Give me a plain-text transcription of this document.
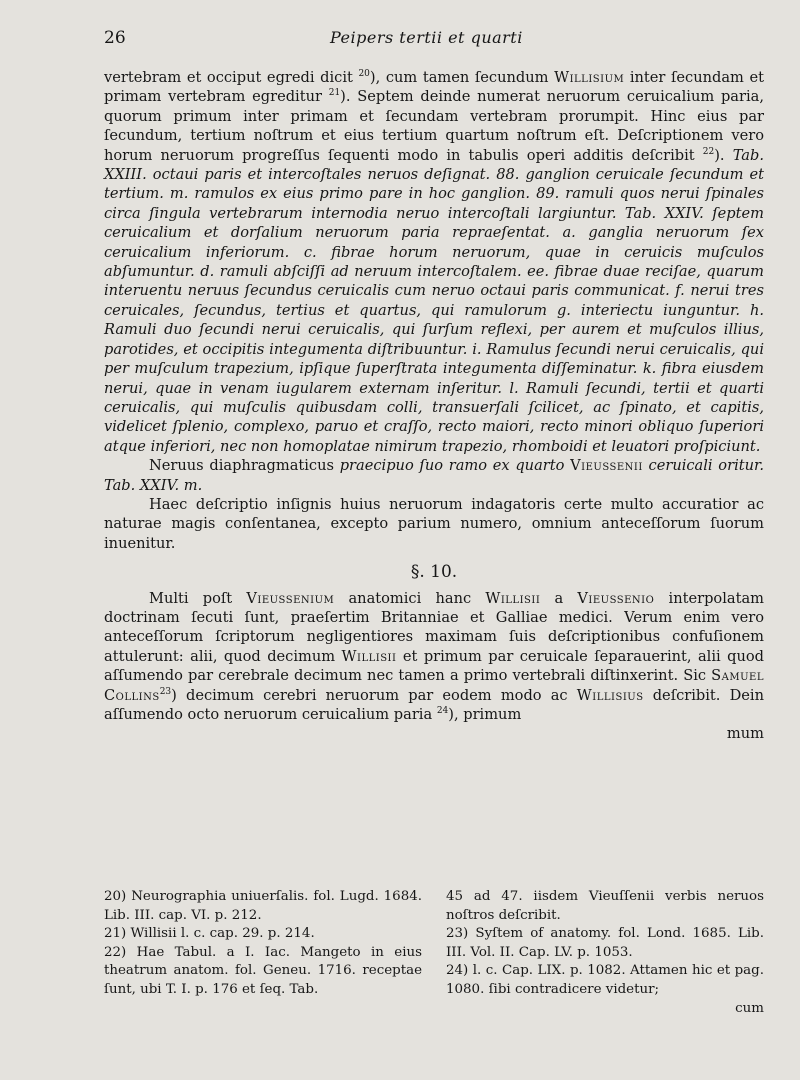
26	Peipers tertii et quarti

vertebram et occiput egredi dicit $^{20}$), cum tamen ſecundum Willisium inter ſecundam et primam vertebram egreditur $^{21}$). Septem deinde numerat neruorum ceruicalium paria, quorum primum inter primam et ſecundam vertebram prorumpit. Hinc eius par ſecundum, tertium noſtrum et eius tertium quartum noſtrum eſt. Deſcriptionem vero horum neruorum progreſſus ſequenti modo in tabulis operi additis deſcribit $^{22}$). Tab. XXIII. octaui paris et intercoſtales neruos deſignat. 88. ganglion ceruicale ſecundum et tertium. m. ramulos ex eius primo pare in hoc ganglion. 89. ramuli quos nerui ſpinales circa ſingula vertebrarum internodia neruo intercoſtali largiuntur. Tab. XXIV. ſeptem ceruicalium et dorſalium neruorum paria repraeſentat. a. ganglia neruorum ſex ceruicalium inferiorum. c. fibrae horum neruorum, quae in ceruicis muſculos abſumuntur. d. ramuli abſciſſi ad neruum intercoſtalem. ee. fibrae duae reciſae, quarum interuentu neruus ſecundus ceruicalis cum neruo octaui paris communicat. f. nerui tres ceruicales, ſecundus, tertius et quartus, qui ramulorum g. interiectu iunguntur. h. Ramuli duo ſecundi nerui ceruicalis, qui ſurſum reflexi, per aurem et muſculos illius, parotides, et occipitis integumenta diſtribuuntur. i. Ramulus ſecundi nerui ceruicalis, qui per muſculum trapezium, ipſique ſuperſtrata integumenta diſſeminatur. k. fibra eiusdem nerui, quae in venam iugularem externam inſeritur. l. Ramuli ſecundi, tertii et quarti ceruicalis, qui muſculis quibusdam colli, transuerſali ſcilicet, ac ſpinato, et capitis, videlicet ſplenio, complexo, paruo et craſſo, recto maiori, recto minori obliquo ſuperiori atque inferiori, nec non homoplatae nimirum trapezio, rhomboidi et leuatori proſpiciunt.

Neruus diaphragmaticus praecipuo ſuo ramo ex quarto Vieussenii ceruicali oritur. Tab. XXIV. m.

Haec deſcriptio inſignis huius neruorum indagatoris certe multo accuratior ac naturae magis conſentanea, excepto parium numero, omnium anteceſſorum ſuorum inuenitur.

§. 10.

Multi poſt Vieussenium anatomici hanc Willisii a Vieussenio interpolatam doctrinam ſecuti ſunt, praeſertim Britanniae et Galliae medici. Verum enim vero anteceſſorum ſcriptorum negligentiores maximam ſuis deſcriptionibus confuſionem attulerunt: alii, quod decimum Willisii et primum par ceruicale ſeparauerint, alii quod aſſumendo par cerebrale decimum nec tamen a primo vertebrali diſtinxerint. Sic Samuel Collins$^{23}$) decimum cerebri neruorum par eodem modo ac Willisius deſcribit. Dein aſſumendo octo neruorum ceruicalium paria $^{24}$), primum

mum

20) Neurographia uniuerſalis. fol. Lugd. 1684. Lib. III. cap. VI. p. 212.

21) Willisii l. c. cap. 29. p. 214.

22) Hae Tabul. a I. Iac. Mangeto in eius theatrum anatom. fol. Geneu. 1716. receptae ſunt, ubi T. I. p. 176 et ſeq. Tab.

45 ad 47. iisdem Vieuſſenii verbis neruos noſtros deſcribit.

23) Syſtem of anatomy. fol. Lond. 1685. Lib. III. Vol. II. Cap. LV. p. 1053.

24) l. c. Cap. LIX. p. 1082. Attamen hic et pag. 1080. ſibi contradicere videtur;

cum
